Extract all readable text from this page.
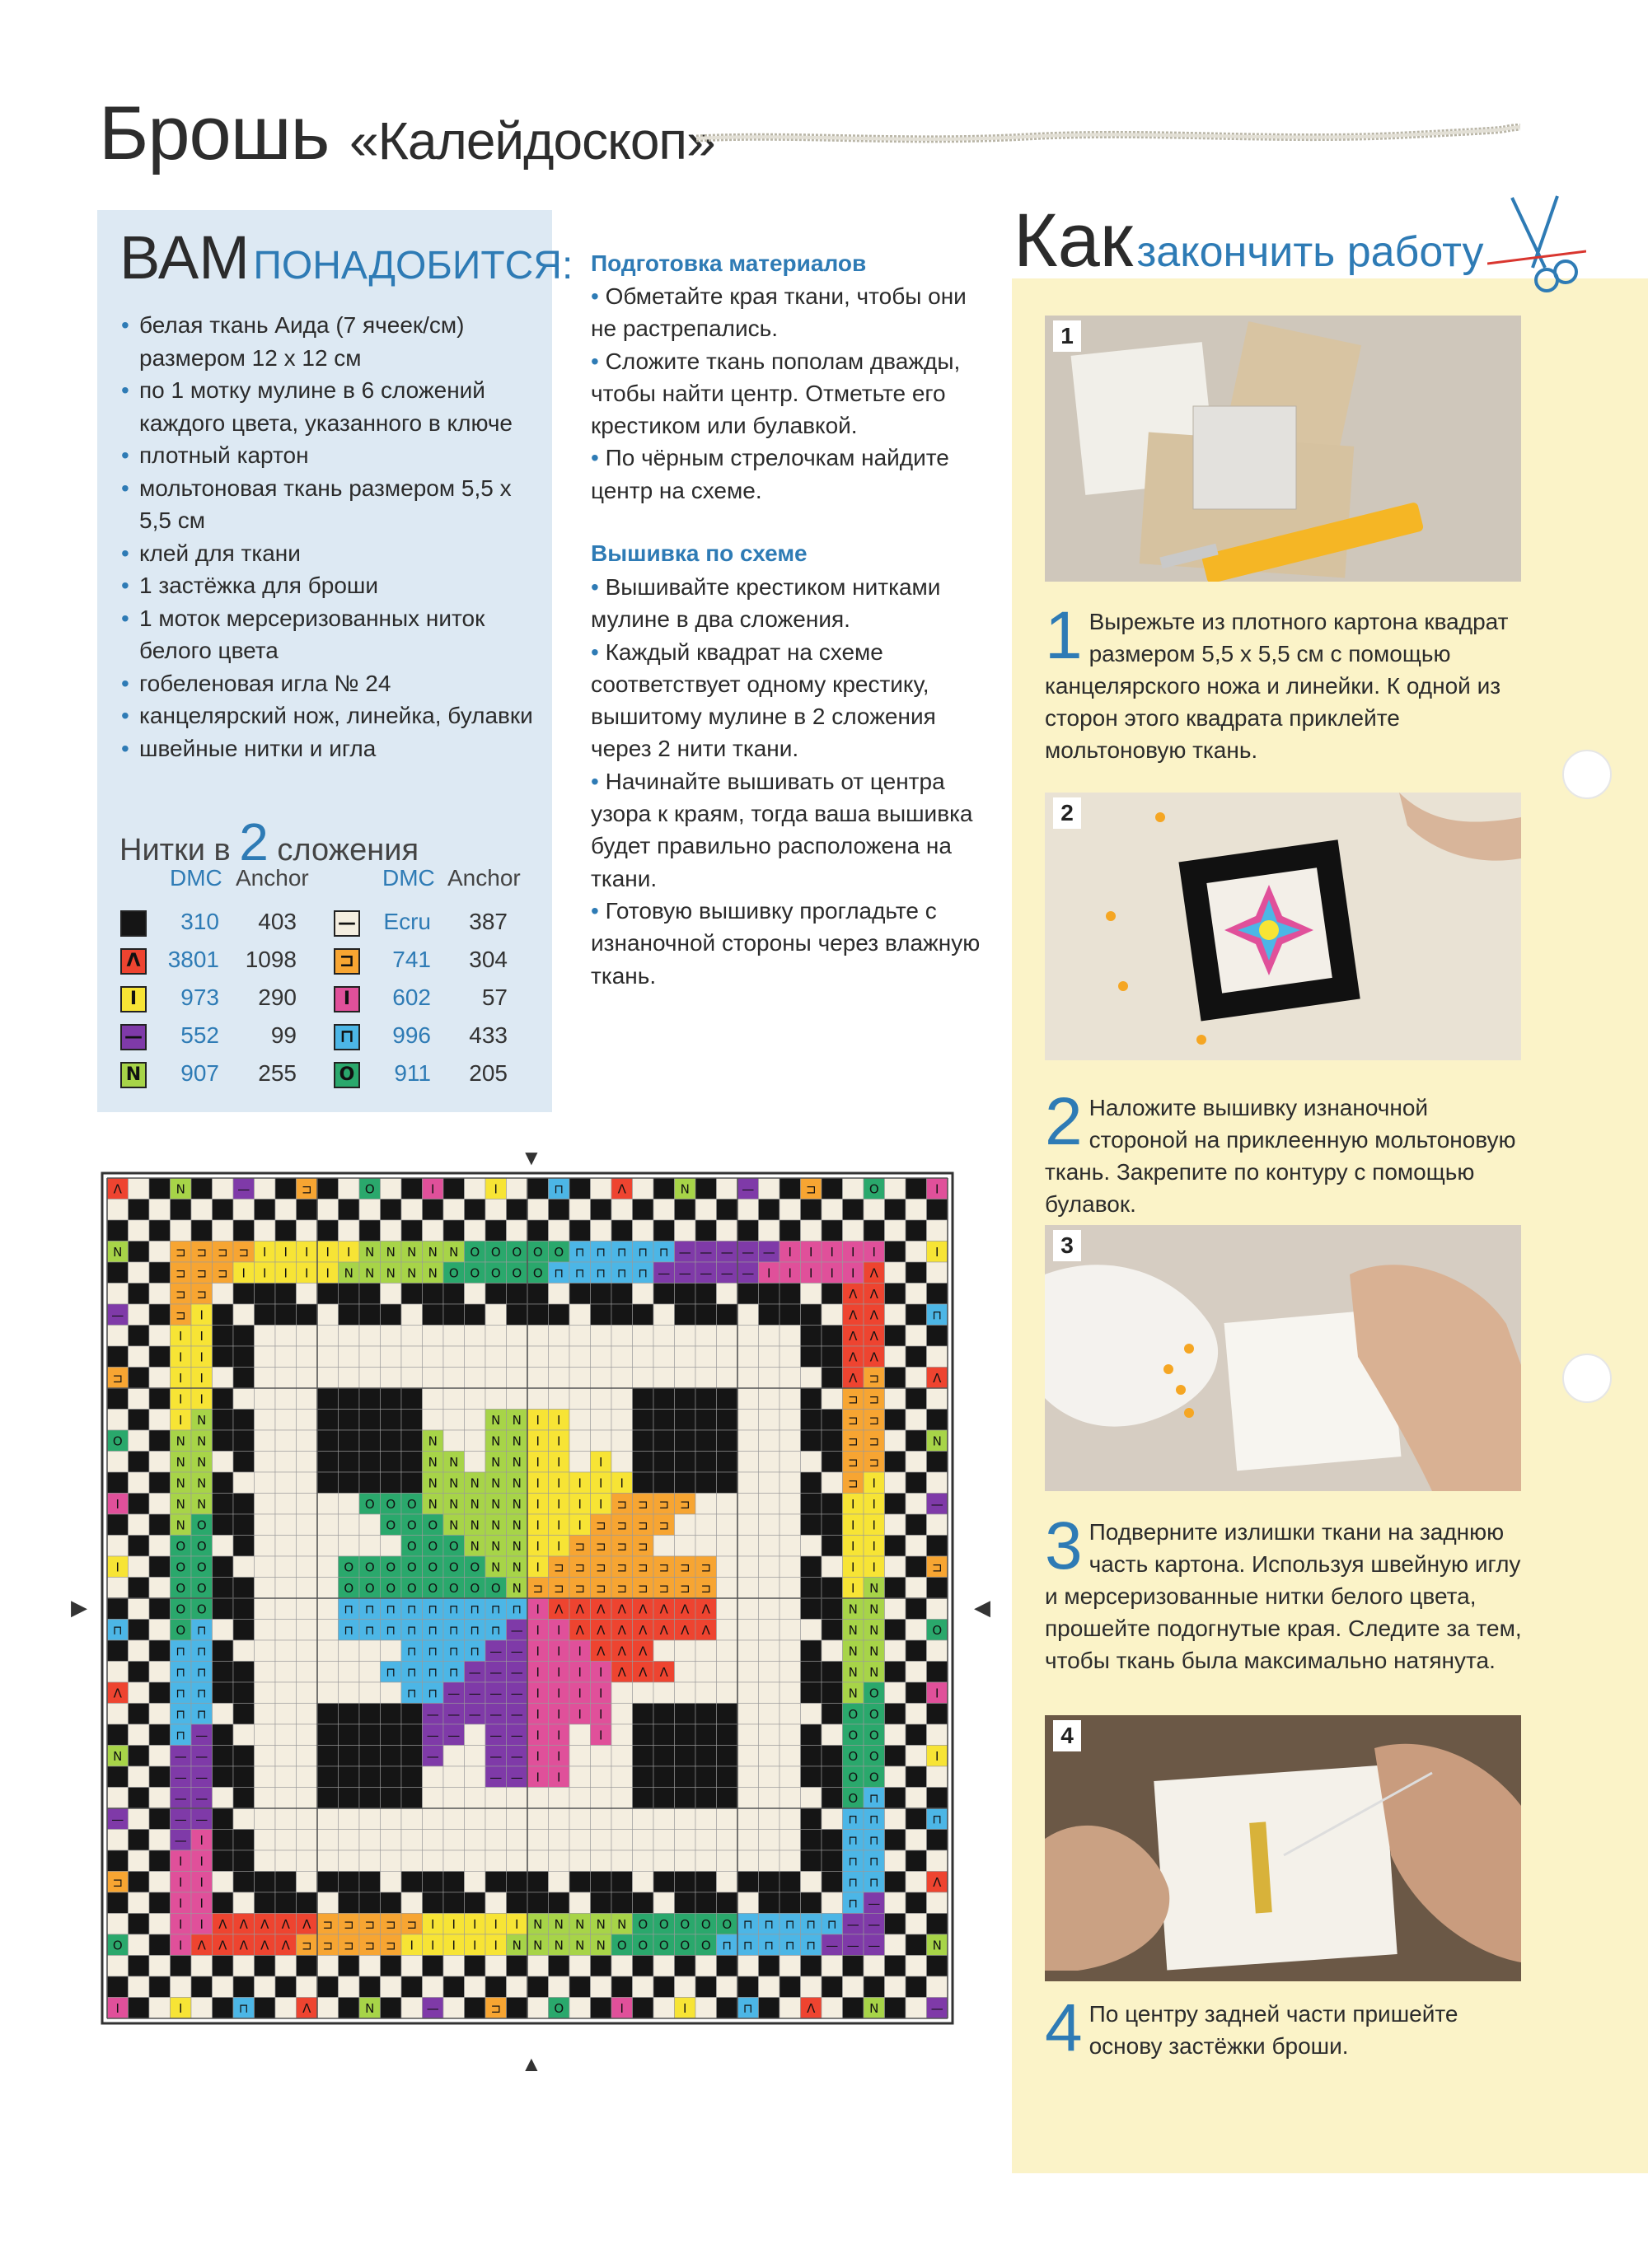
Брошь «Калейдоскоп»
ВАМ ПОНАДОБИТСЯ:
• белая ткань Аида (7 ячеек/см) размером 12 х 12 см
• по 1 мотку мулине в 6 сложений каждого цвета, указанного в ключе
• плотный картон
• мольтоновая ткань размером 5,5 х 5,5 см
• клей для ткани
• 1 застёжка для броши
• 1 моток мерсеризованных ниток белого цвета
• гобеленовая игла № 24
• канцелярский нож, линейка, булавки
• швейные нитки и игла
Нитки в 2 сложения
DMC Anchor	DMC Anchor
310	403
Λ	3801	1098
I	973	290
—	552	99
N	907	255
—	Ecru	387
⊐	741	304
I	602	57
⊓	996	433
O	911	205
Подготовка материалов

• Обметайте края ткани, чтобы они не растрепались.

• Сложите ткань пополам дважды, чтобы найти центр. Отметьте его крестиком или булавкой.

• По чёрным стрелочкам найдите центр на схеме.

Вышивка по схеме

• Вышивайте крестиком нитками мулине в два сложения.

• Каждый квадрат на схеме соответствует одному крестику, вышитому мулине в 2 сложения через 2 нити ткани.

• Начинайте вышивать от центра узора к краям, тогда ваша вышивка будет правильно расположена на ткани.

• Готовую вышивку прогладьте с изнаночной стороны через влажную ткань.

Λ	N	—	⊐	O	I	I	⊓	Λ	N	—	⊐	O	I
N	⊐ ⊐ ⊐ ⊐ I I I I I N N N N N O O O O O ⊓ ⊓ ⊓ ⊓ ⊓ — — — — — I I I I I	I
⊐ ⊐ ⊐ I I I I I N N N N N O O O O O ⊓ ⊓ ⊓ ⊓ ⊓ — — — — — I I I I I Λ
⊐ ⊐	Λ Λ
—	⊐ I	Λ Λ	⊓
I I	Λ Λ
I I	Λ Λ
⊐	I I	Λ ⊐	Λ
I I	⊐ ⊐
I N	N N I I	⊐ ⊐
O	N N	N	N N I I	⊐ ⊐	N
N N	N N	N N I I	I	⊐ ⊐
N N	N N N N N I I I I I	⊐ I
I	N N	O O O N N N N N I I I I ⊐ ⊐ ⊐ ⊐	I I	—
N O	O O O N N N N I I I ⊐ ⊐ ⊐ ⊐	I I
O O	O O O N N N I I ⊐ ⊐ ⊐ ⊐	I I
I	O O	O O O O O O O N N I ⊐ ⊐ ⊐ ⊐ ⊐ ⊐ ⊐ ⊐	I I	⊐
O O	O O O O O O O O N ⊐ ⊐ ⊐ ⊐ ⊐ ⊐ ⊐ ⊐ ⊐	I N
O O	⊓ ⊓ ⊓ ⊓ ⊓ ⊓ ⊓ ⊓ ⊓ I Λ Λ Λ Λ Λ Λ Λ Λ	N N
⊓	O ⊓	⊓ ⊓ ⊓ ⊓ ⊓ ⊓ ⊓ ⊓ — I I Λ Λ Λ Λ Λ Λ Λ	N N	O
⊓ ⊓	⊓ ⊓ ⊓ ⊓ — — I I I Λ Λ Λ	N N
⊓ ⊓	⊓ ⊓ ⊓ ⊓ — — — I I I I Λ Λ Λ	N N
Λ	⊓ ⊓	⊓ ⊓ — — — — I I I I	N O	I
⊓ ⊓	— — — — — I I I I	O O
⊓ —	— — — — I I	I	O O
N	— —	—	— — I I	O O	I
— —	— — I I	O O
— —	O ⊓
—	— —	⊓ ⊓	⊓
— I	⊓ ⊓
I I	⊓ ⊓
⊐	I I	⊓ ⊓	Λ
I I	⊓ —
I I Λ Λ Λ Λ Λ ⊐ ⊐ ⊐ ⊐ ⊐ I I I I I N N N N N O O O O O ⊓ ⊓ ⊓ ⊓ ⊓ — —
O	I Λ Λ Λ Λ Λ ⊐ ⊐ ⊐ ⊐ ⊐ I I I I I N N N N N O O O O O ⊓ ⊓ ⊓ ⊓ ⊓ — — —	N
I	I	⊓	Λ	N	—	⊐	O	I	I	⊓	Λ	N	—
▼
▲
▶	◀
Как закончить работу
1
1 Вырежьте из плотного картона квадрат размером 5,5 х 5,5 см с помощью канцелярского ножа и линейки. К одной из сторон этого квадрата приклейте мольтоновую ткань.
2
2 Наложите вышивку изнаночной стороной на приклеенную мольтоновую ткань. Закрепите по контуру с помощью булавок.
3
3 Подверните излишки ткани на заднюю часть картона. Используя швейную иглу и мерсеризованные нитки белого цвета, прошейте подогнутые края. Следите за тем, чтобы ткань была максимально натянута.
4
4 По центру задней части пришейте основу застёжки броши.
